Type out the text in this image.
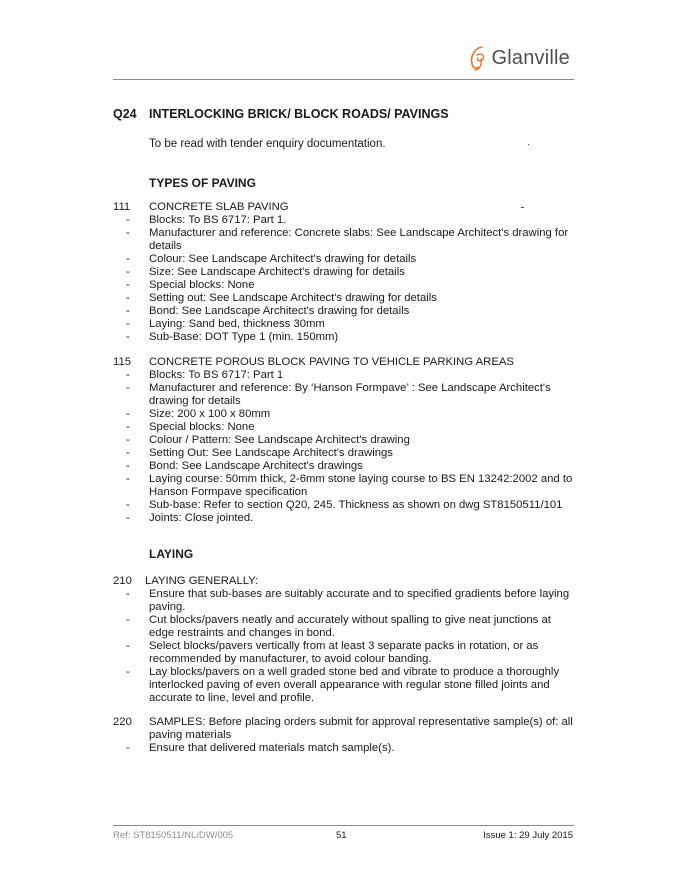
Glanville
Q24 INTERLOCKING BRICK/ BLOCK ROADS/ PAVINGS
To be read with tender enquiry documentation.
TYPES OF PAVING
111	CONCRETE SLAB PAVING
- Blocks: To BS 6717: Part 1.
- Manufacturer and reference: Concrete slabs: See Landscape Architect's drawing for details
- Colour: See Landscape Architect's drawing for details
- Size: See Landscape Architect's drawing for details
- Special blocks: None
- Setting out: See Landscape Architect's drawing for details
- Bond: See Landscape Architect's drawing for details
- Laying: Sand bed, thickness 30mm
- Sub-Base: DOT Type 1 (min. 150mm)
115	CONCRETE POROUS BLOCK PAVING TO VEHICLE PARKING AREAS
- Blocks: To BS 6717: Part 1
- Manufacturer and reference: By ‘Hanson Formpave’ : See Landscape Architect's drawing for details
- Size: 200 x 100 x 80mm
- Special blocks: None
- Colour / Pattern: See Landscape Architect's drawing
- Setting Out: See Landscape Architect's drawings
- Bond: See Landscape Architect's drawings
- Laying course: 50mm thick, 2-6mm stone laying course to BS EN 13242:2002 and to Hanson Formpave specification
- Sub-base: Refer to section Q20, 245. Thickness as shown on dwg ST8150511/101
- Joints: Close jointed.
LAYING
210	LAYING GENERALLY:
- Ensure that sub-bases are suitably accurate and to specified gradients before laying paving.
- Cut blocks/pavers neatly and accurately without spalling to give neat junctions at edge restraints and changes in bond.
- Select blocks/pavers vertically from at least 3 separate packs in rotation, or as recommended by manufacturer, to avoid colour banding.
- Lay blocks/pavers on a well graded stone bed and vibrate to produce a thoroughly interlocked paving of even overall appearance with regular stone filled joints and accurate to line, level and profile.
220	SAMPLES: Before placing orders submit for approval representative sample(s) of: all paving materials
- Ensure that delivered materials match sample(s).
Ref: ST8150511/NL/DW/005	51	Issue 1: 29 July 2015
